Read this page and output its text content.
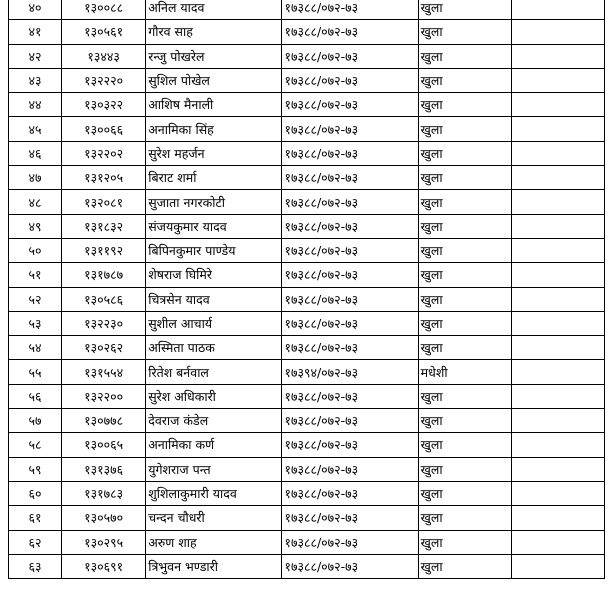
४०	१३००८८	अनिल यादव	१७३८८/०७२-७३	खुला	
४१	१३०५६१	गौरव साह	१७३८८/०७२-७३	खुला	
४२	१३४४३	रन्जु पोखरेल	१७३८८/०७२-७३	खुला	
४३	१३२२२०	सुशिल पोखेल	१७३८८/०७२-७३	खुला	
४४	१३०३२२	आशिष मैनाली	१७३८८/०७२-७३	खुला	
४५	१३००६६	अनामिका सिंह	१७३८८/०७२-७३	खुला	
४६	१३२२०२	सुरेश महर्जन	१७३८८/०७२-७३	खुला	
४७	१३१२०५	बिराट शर्मा	१७३८८/०७२-७३	खुला	
४८	१३२०८१	सुजाता नगरकोटी	१७३८८/०७२-७३	खुला	
४९	१३१८३२	संजयकुमार यादव	१७३८८/०७२-७३	खुला	
५०	१३११९२	बिपिनकुमार पाण्डेय	१७३८८/०७२-७३	खुला	
५१	१३१७८७	शेषराज घिमिरे	१७३८८/०७२-७३	खुला	
५२	१३०५८६	चित्रसेन यादव	१७३८८/०७२-७३	खुला	
५३	१३२२३०	सुशील आचार्य	१७३८८/०७२-७३	खुला	
५४	१३०२६२	अस्मिता पाठक	१७३८८/०७२-७३	खुला	
५५	१३१५५४	रितेश बर्नवाल	१७३९४/०७२-७३	मधेशी	
५६	१३२२००	सुरेश अधिकारी	१७३८८/०७२-७३	खुला	
५७	१३०७७८	देवराज कंडेल	१७३८८/०७२-७३	खुला	
५८	१३००६५	अनामिका कर्ण	१७३८८/०७२-७३	खुला	
५९	१३१३७६	युगेशराज पन्त	१७३८८/०७२-७३	खुला	
६०	१३१७८३	शुशिलाकुमारी यादव	१७३८८/०७२-७३	खुला	
६१	१३०५७०	चन्दन चौधरी	१७३८८/०७२-७३	खुला	
६२	१३०२९५	अरुण शाह	१७३८८/०७२-७३	खुला	
६३	१३०६९१	त्रिभुवन भण्डारी	१७३८८/०७२-७३	खुला	
